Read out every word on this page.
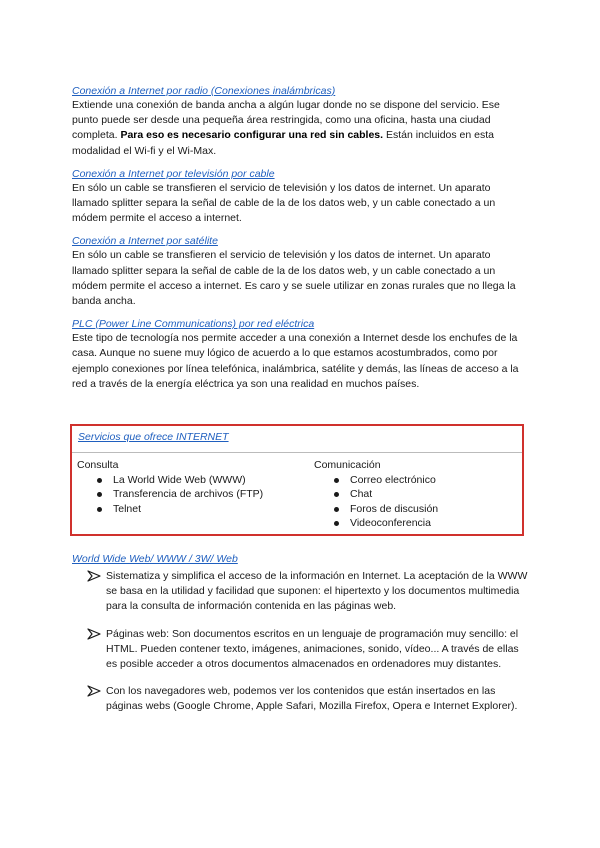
Conexión a Internet por radio (Conexiones inalámbricas)

Extiende una conexión de banda ancha a algún lugar donde no se dispone del servicio. Ese punto puede ser desde una pequeña área restringida, como una oficina, hasta una ciudad completa. Para eso es necesario configurar una red sin cables. Están incluidos en esta modalidad el Wi-fi y el Wi-Max.

Conexión a Internet por televisión por cable

En sólo un cable se transfieren el servicio de televisión y los datos de internet. Un aparato llamado splitter separa la señal de cable de la de los datos web, y un cable conectado a un módem permite el acceso a internet.

Conexión a Internet por satélite

En sólo un cable se transfieren el servicio de televisión y los datos de internet. Un aparato llamado splitter separa la señal de cable de la de los datos web, y un cable conectado a un módem permite el acceso a internet. Es caro y se suele utilizar en zonas rurales que no llega la banda ancha.

PLC (Power Line Communications) por red eléctrica

Este tipo de tecnología nos permite acceder a una conexión a Internet desde los enchufes de la casa. Aunque no suene muy lógico de acuerdo a lo que estamos acostumbrados, como por ejemplo conexiones por línea telefónica, inalámbrica, satélite y demás, las líneas de acceso a la red a través de la energía eléctrica ya son una realidad en muchos países.

Servicios que ofrece INTERNET
Consulta
La World Wide Web (WWW)
Transferencia de archivos (FTP)
Telnet
Comunicación
Correo electrónico
Chat
Foros de discusión
Videoconferencia
World Wide Web/ WWW / 3W/ Web

Sistematiza y simplifica el acceso de la información en Internet. La aceptación de la WWW se basa en la utilidad y facilidad que suponen: el hipertexto y los documentos multimedia para la consulta de información contenida en las páginas web.

Páginas web: Son documentos escritos en un lenguaje de programación muy sencillo: el HTML. Pueden contener texto, imágenes, animaciones, sonido, vídeo... A través de ellas es posible acceder a otros documentos almacenados en ordenadores muy distantes.

Con los navegadores web, podemos ver los contenidos que están insertados en las páginas webs (Google Chrome, Apple Safari, Mozilla Firefox, Opera e Internet Explorer).
